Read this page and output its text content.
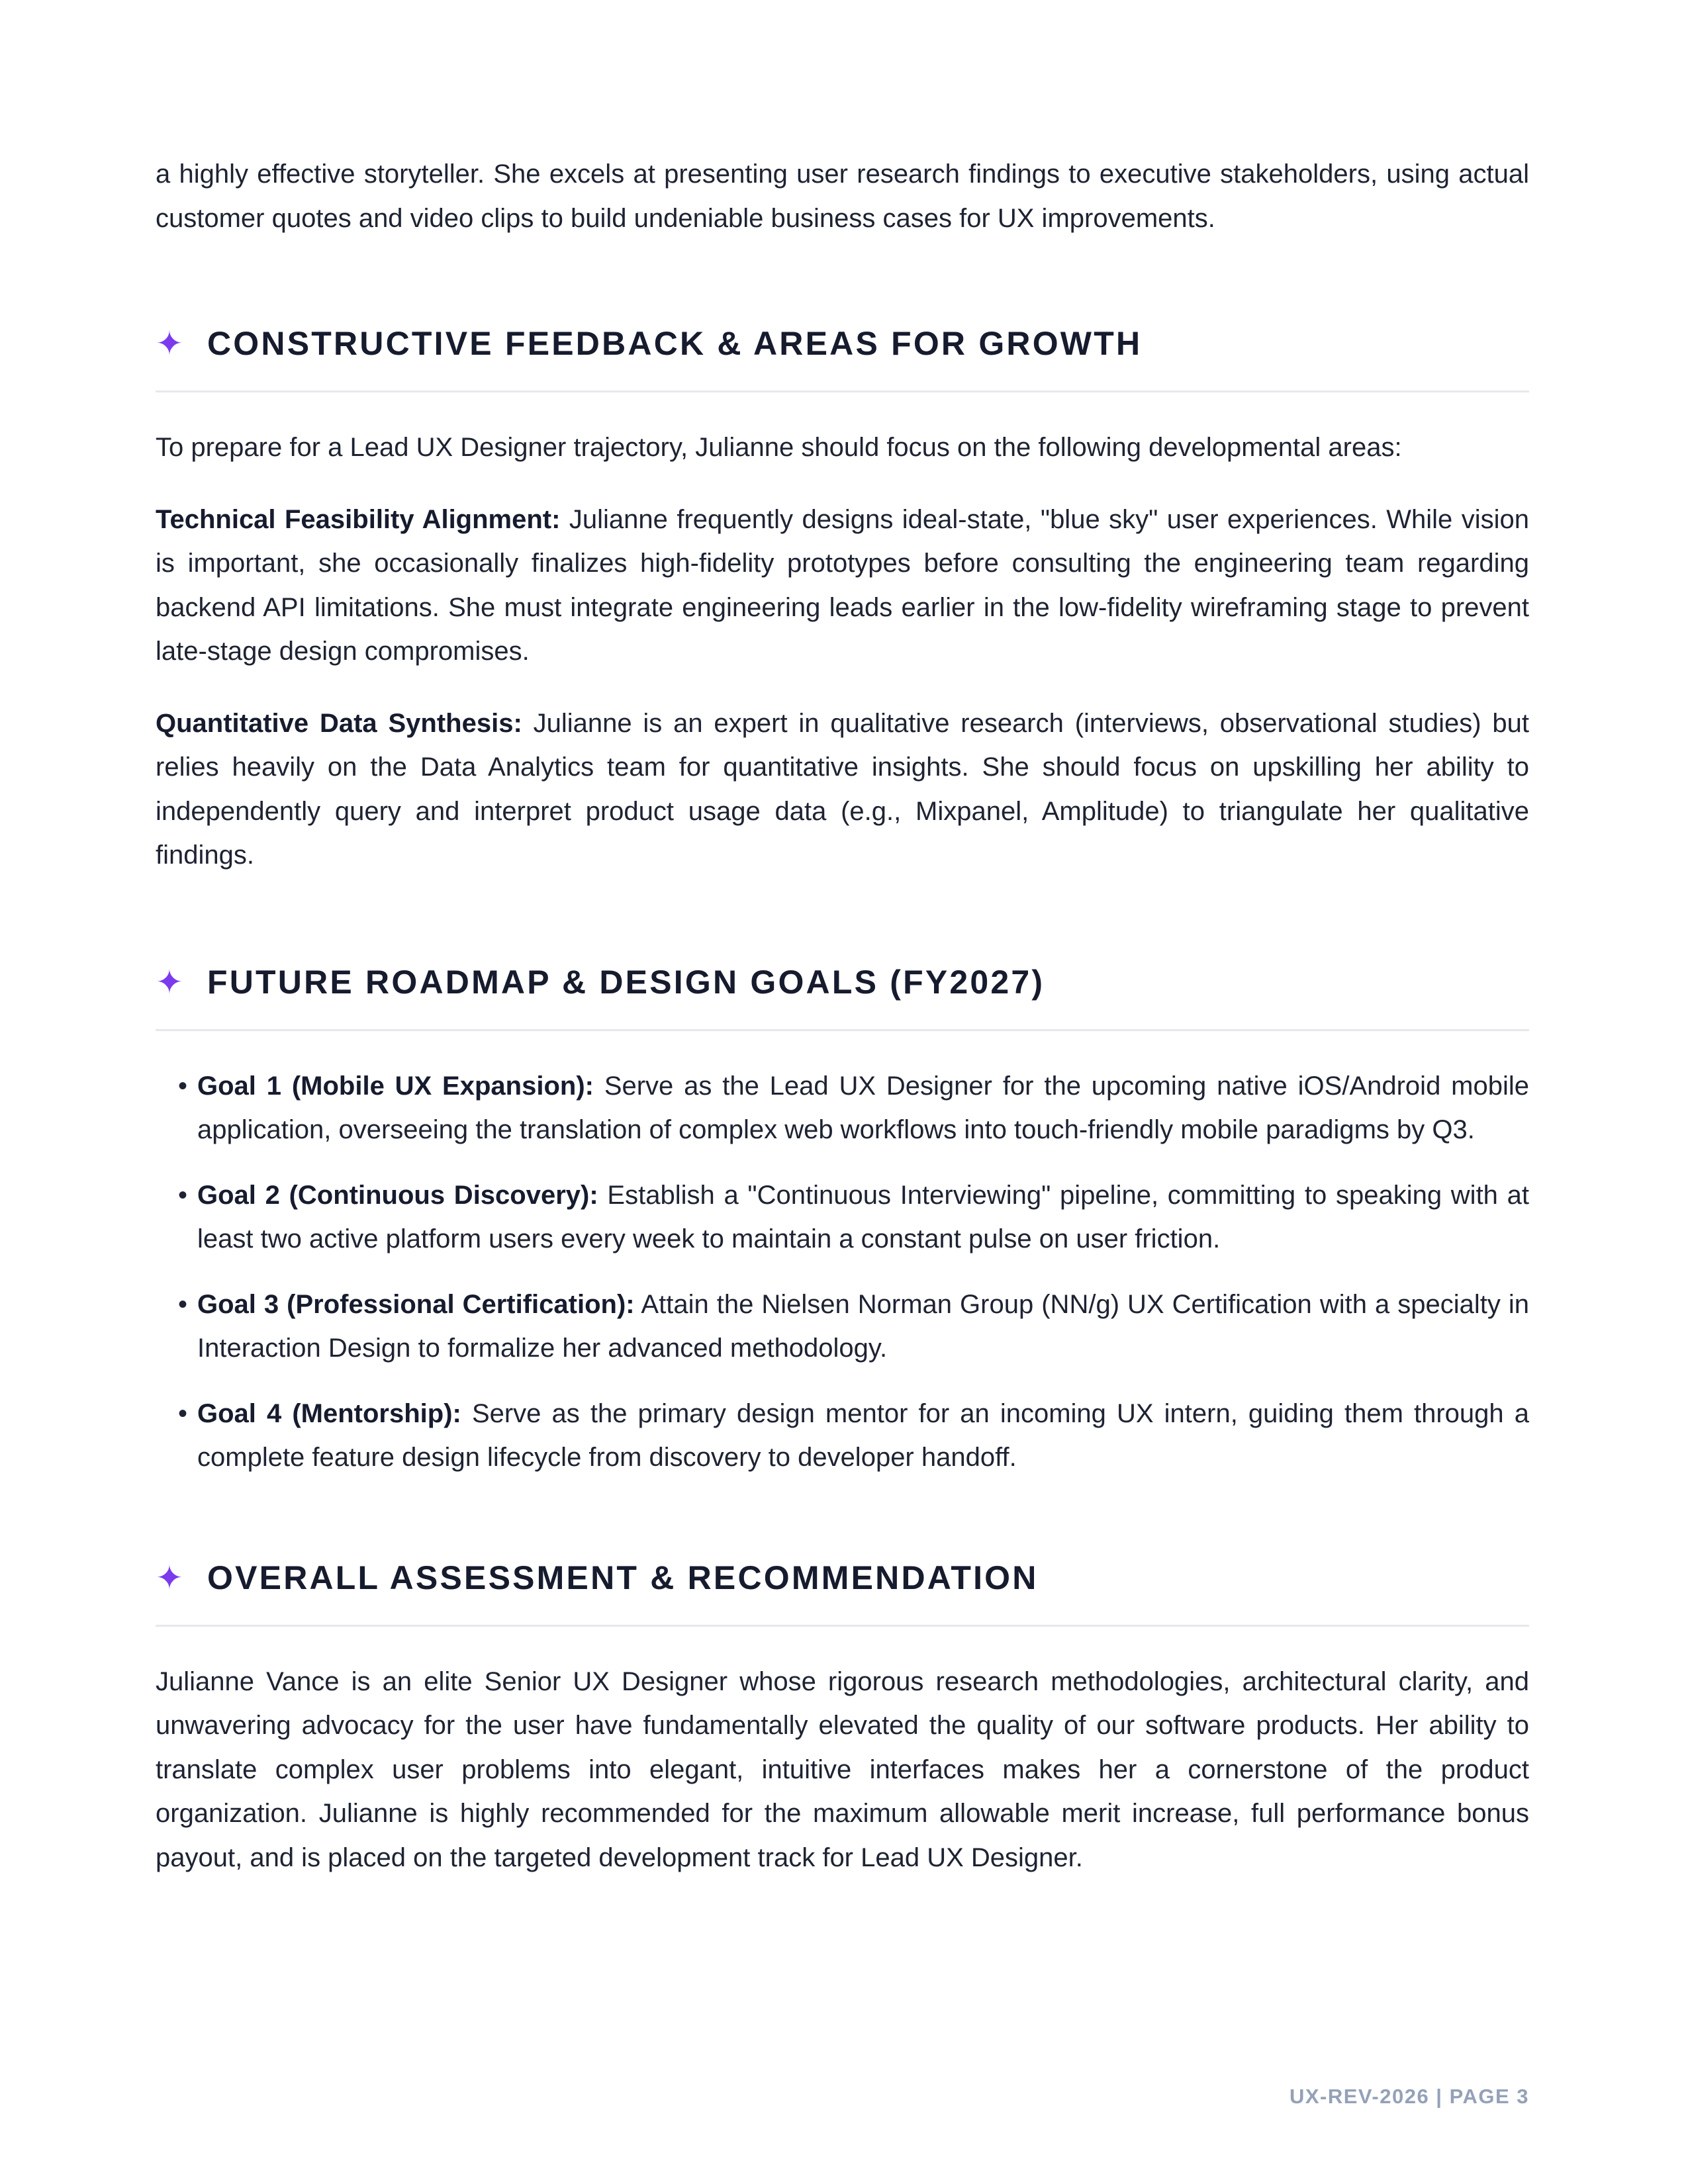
a highly effective storyteller. She excels at presenting user research findings to executive stakeholders, using actual customer quotes and video clips to build undeniable business cases for UX improvements.

✦ CONSTRUCTIVE FEEDBACK & AREAS FOR GROWTH

To prepare for a Lead UX Designer trajectory, Julianne should focus on the following developmental areas:

Technical Feasibility Alignment: Julianne frequently designs ideal-state, "blue sky" user experiences. While vision is important, she occasionally finalizes high-fidelity prototypes before consulting the engineering team regarding backend API limitations. She must integrate engineering leads earlier in the low-fidelity wireframing stage to prevent late-stage design compromises.

Quantitative Data Synthesis: Julianne is an expert in qualitative research (interviews, observational studies) but relies heavily on the Data Analytics team for quantitative insights. She should focus on upskilling her ability to independently query and interpret product usage data (e.g., Mixpanel, Amplitude) to triangulate her qualitative findings.

✦ FUTURE ROADMAP & DESIGN GOALS (FY2027)
• Goal 1 (Mobile UX Expansion): Serve as the Lead UX Designer for the upcoming native iOS/Android mobile application, overseeing the translation of complex web workflows into touch-friendly mobile paradigms by Q3.
• Goal 2 (Continuous Discovery): Establish a "Continuous Interviewing" pipeline, committing to speaking with at least two active platform users every week to maintain a constant pulse on user friction.
• Goal 3 (Professional Certification): Attain the Nielsen Norman Group (NN/g) UX Certification with a specialty in Interaction Design to formalize her advanced methodology.
• Goal 4 (Mentorship): Serve as the primary design mentor for an incoming UX intern, guiding them through a complete feature design lifecycle from discovery to developer handoff.
✦ OVERALL ASSESSMENT & RECOMMENDATION

Julianne Vance is an elite Senior UX Designer whose rigorous research methodologies, architectural clarity, and unwavering advocacy for the user have fundamentally elevated the quality of our software products. Her ability to translate complex user problems into elegant, intuitive interfaces makes her a cornerstone of the product organization. Julianne is highly recommended for the maximum allowable merit increase, full performance bonus payout, and is placed on the targeted development track for Lead UX Designer.

UX-REV-2026 | PAGE 3
